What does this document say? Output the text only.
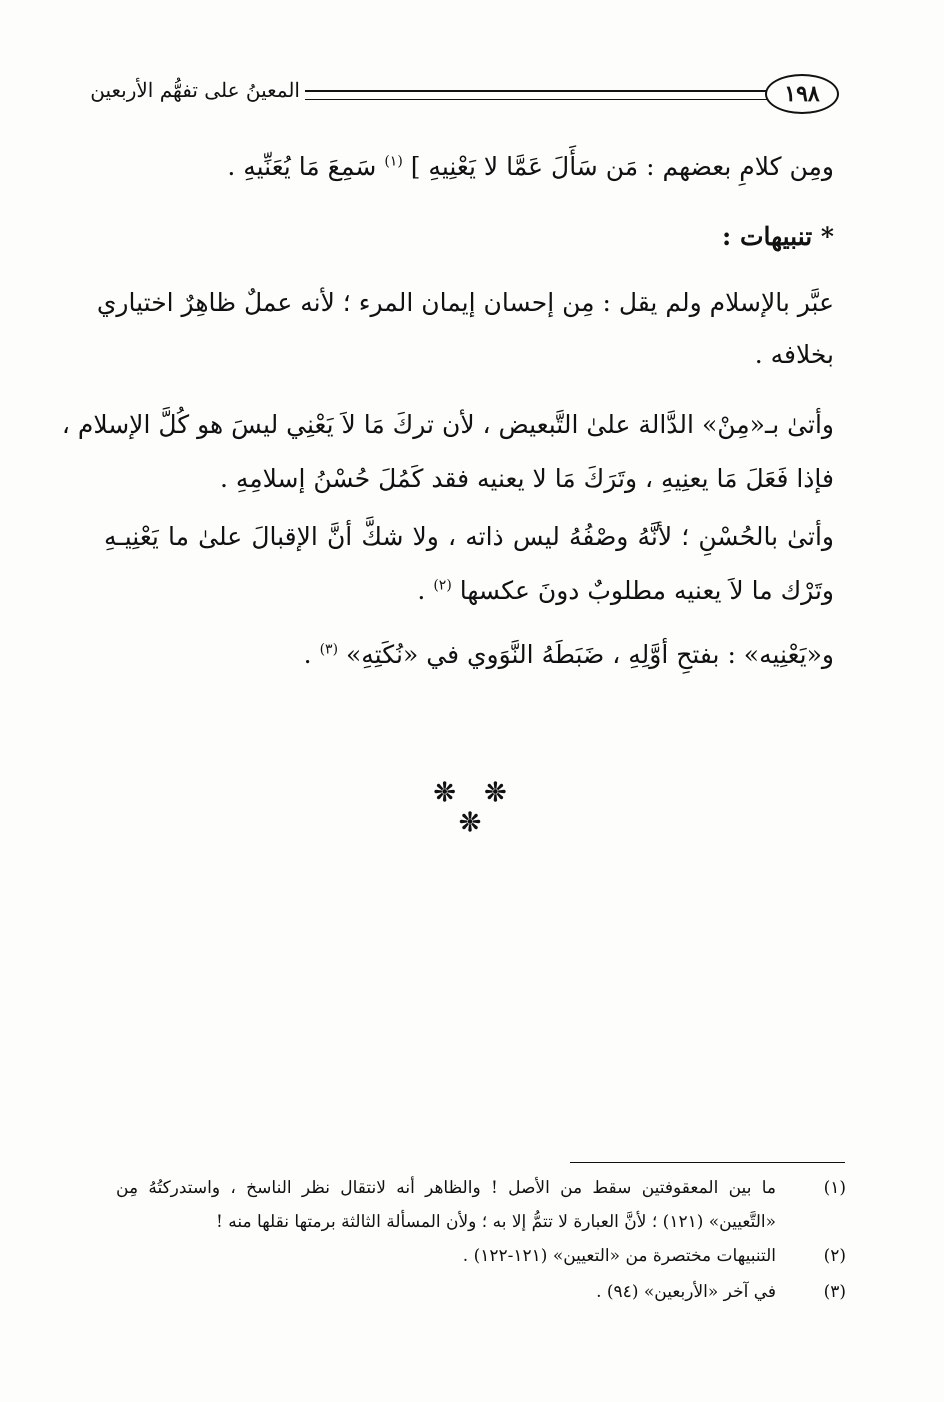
١٩٨
المعينُ على تفهُّم الأربعين
ومِن كلامِ بعضهم : مَن سَأَلَ عَمَّا لا يَعْنِيهِ ] $^{(١)}$ سَمِعَ مَا يُعَنِّيهِ .
* تنبيهات :
عبَّر بالإسلام ولم يقل : مِن إحسان إيمان المرء ؛ لأنه عملٌ ظاهِرٌ اختياري
بخلافه .
وأتىٰ بـ«مِنْ» الدَّالة علىٰ التَّبعيض ، لأن تركَ مَا لاَ يَعْنِي ليسَ هو كُلَّ الإسلام ،
فإذا فَعَلَ مَا يعنِيهِ ، وتَرَكَ مَا لا يعنيه فقد كَمُلَ حُسْنُ إسلامِهِ .
وأتىٰ بالحُسْنِ ؛ لأنَّهُ وصْفُهُ ليس ذاته ، ولا شكَّ أنَّ الإقبالَ علىٰ ما يَعْنِيـهِ
وتَرْك ما لاَ يعنيه مطلوبٌ دونَ عكسها $^{(٢)}$ .
و«يَعْنِيه» : بفتحِ أوَّلِهِ ، ضَبَطَهُ النَّوَوي في «نُكَتِهِ» $^{(٣)}$ .
❊ ❊ ❊
(١)
ما بين المعقوفتين سقط من الأصل ! والظاهر أنه لانتقال نظر الناسخ ، واستدركتُهُ مِن
«التَّعيين» (١٢١) ؛ لأنَّ العبارة لا تتمُّ إلا به ؛ ولأن المسألة الثالثة برمتها نقلها منه !
(٢)
التنبيهات مختصرة من «التعيين» (١٢١-١٢٢) .
(٣)
في آخر «الأربعين» (٩٤) .
